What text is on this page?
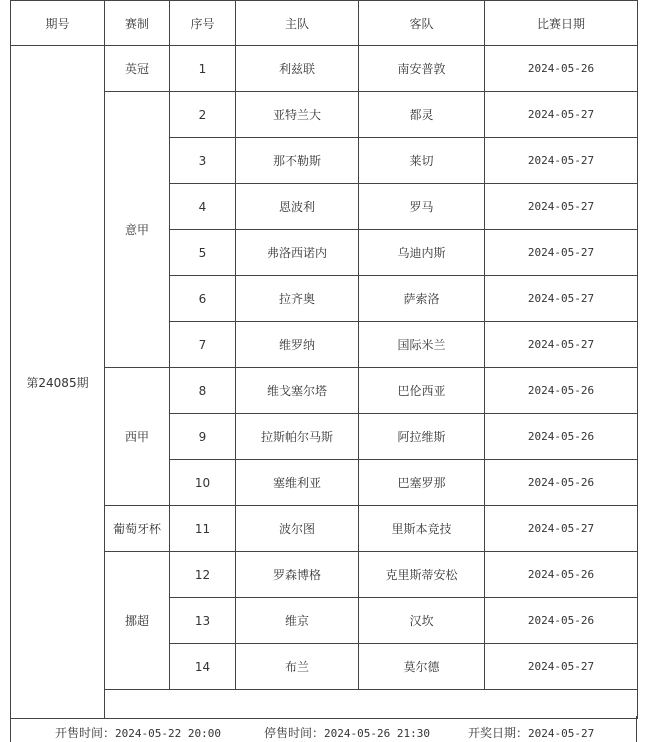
期号	赛制	序号	主队	客队	比赛日期
第24085期	英冠	1	利兹联	南安普敦	2024-05-26
	意甲	2	亚特兰大	都灵	2024-05-27
		3	那不勒斯	莱切	2024-05-27
		4	恩波利	罗马	2024-05-27
		5	弗洛西诺内	乌迪内斯	2024-05-27
		6	拉齐奥	萨索洛	2024-05-27
		7	维罗纳	国际米兰	2024-05-27
	西甲	8	维戈塞尔塔	巴伦西亚	2024-05-26
		9	拉斯帕尔马斯	阿拉维斯	2024-05-26
		10	塞维利亚	巴塞罗那	2024-05-26
	葡萄牙杯	11	波尔图	里斯本竞技	2024-05-27
	挪超	12	罗森博格	克里斯蒂安松	2024-05-26
		13	维京	汉坎	2024-05-26
		14	布兰	莫尔德	2024-05-27

开售时间：2024-05-22 20:00	停售时间：2024-05-26 21:30	开奖日期：2024-05-27
